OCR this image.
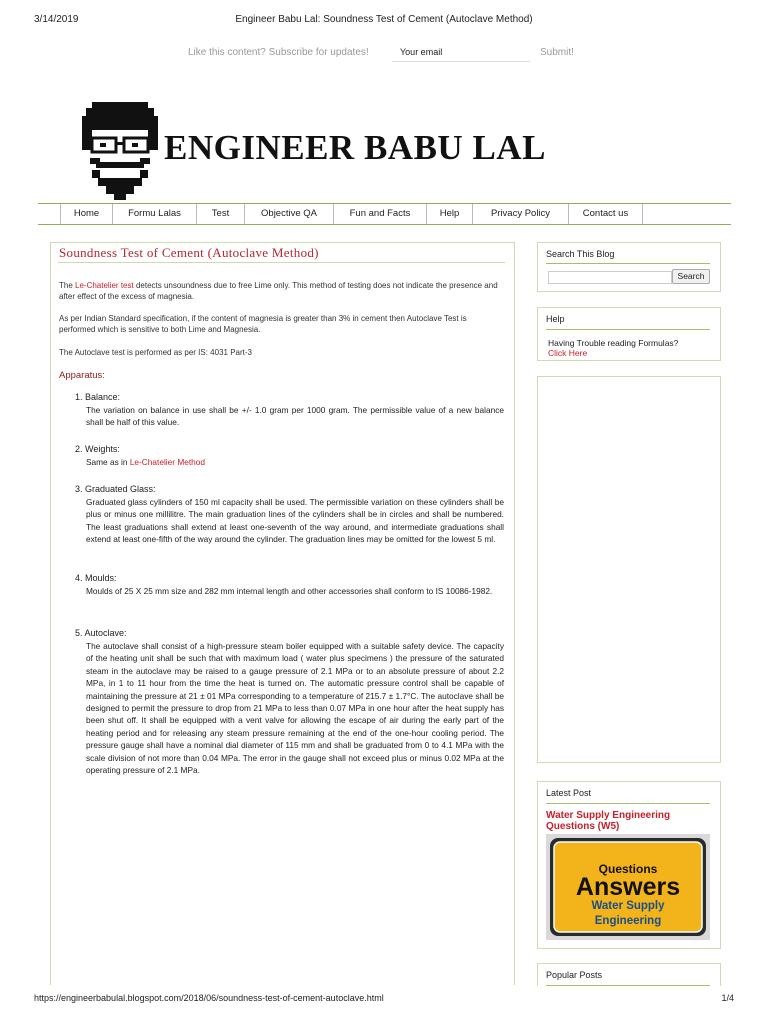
3/14/2019	Engineer Babu Lal: Soundness Test of Cement (Autoclave Method)
Like this content? Subscribe for updates!	Your email	Submit!
ENGINEER BABU LAL
Home	Formu Lalas	Test	Objective QA	Fun and Facts	Help	Privacy Policy	Contact us
Soundness Test of Cement (Autoclave Method)
The Le-Chatelier test detects unsoundness due to free Lime only. This method of testing does not indicate the presence and after effect of the excess of magnesia.
As per Indian Standard specification, if the content of magnesia is greater than 3% in cement then Autoclave Test is performed which is sensitive to both Lime and Magnesia.
The Autoclave test is performed as per IS: 4031 Part-3
Apparatus:
1. Balance:
The variation on balance in use shall be +/- 1.0 gram per 1000 gram. The permissible value of a new balance shall be half of this value.
2. Weights:
Same as in Le-Chatelier Method
3. Graduated Glass:
Graduated glass cylinders of 150 ml capacity shall be used. The permissible variation on these cylinders shall be plus or minus one millilitre. The main graduation lines of the cylinders shall be in circles and shall be numbered. The least graduations shall extend at least one-seventh of the way around, and intermediate graduations shall extend at least one-fifth of the way around the cylinder. The graduation lines may be omitted for the lowest 5 ml.
4. Moulds:
Moulds of 25 X 25 mm size and 282 mm internal length and other accessories shall conform to IS 10086-1982.
5. Autoclave:
The autoclave shall consist of a high-pressure steam boiler equipped with a suitable safety device. The capacity of the heating unit shall be such that with maximum load ( water plus specimens ) the pressure of the saturated steam in the autoclave may be raised to a gauge pressure of 2.1 MPa or to an absolute pressure of about 2.2 MPa, in 1 to 11 hour from the time the heat is turned on. The automatic pressure control shall be capable of maintaining the pressure at 21 ± 01 MPa corresponding to a temperature of 215.7 ± 1.7°C. The autoclave shall be designed to permit the pressure to drop from 21 MPa to less than 0.07 MPa in one hour after the heat supply has been shut off. It shall be equipped with a vent valve for allowing the escape of air during the early part of the heating period and for releasing any steam pressure remaining at the end of the one-hour cooling period. The pressure gauge shall have a nominal dial diameter of 115 mm and shall be graduated from 0 to 4.1 MPa with the scale division of not more than 0.04 MPa. The error in the gauge shall not exceed plus or minus 0.02 MPa at the operating pressure of 2.1 MPa.
Search This Blog
Search
Help
Having Trouble reading Formulas?
Click Here
Latest Post
Water Supply Engineering Questions (W5)
Questions
Answers
Water Supply
Engineering
Popular Posts
https://engineerbabulal.blogspot.com/2018/06/soundness-test-of-cement-autoclave.html	1/4
